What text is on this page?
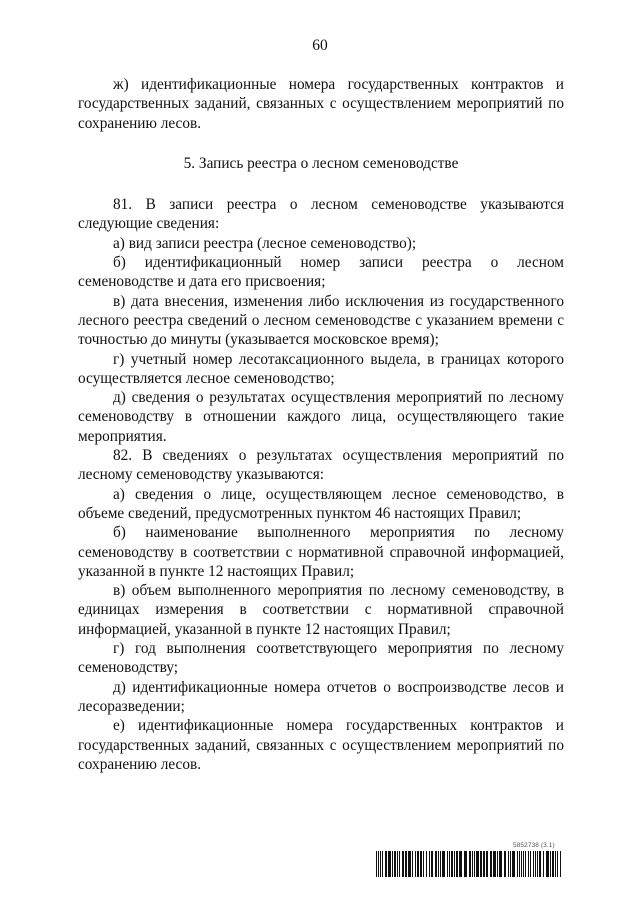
60

ж) идентификационные номера государственных контрактов и государственных заданий, связанных с осуществлением мероприятий по сохранению лесов.

5. Запись реестра о лесном семеноводстве

81. В записи реестра о лесном семеноводстве указываются следующие сведения:

а) вид записи реестра (лесное семеноводство);

б) идентификационный номер записи реестра о лесном семеноводстве и дата его присвоения;

в) дата внесения, изменения либо исключения из государственного лесного реестра сведений о лесном семеноводстве с указанием времени с точностью до минуты (указывается московское время);

г) учетный номер лесотаксационного выдела, в границах которого осуществляется лесное семеноводство;

д) сведения о результатах осуществления мероприятий по лесному семеноводству в отношении каждого лица, осуществляющего такие мероприятия.

82. В сведениях о результатах осуществления мероприятий по лесному семеноводству указываются:

а) сведения о лице, осуществляющем лесное семеноводство, в объеме сведений, предусмотренных пунктом 46 настоящих Правил;

б) наименование выполненного мероприятия по лесному семеноводству в соответствии с нормативной справочной информацией, указанной в пункте 12 настоящих Правил;

в) объем выполненного мероприятия по лесному семеноводству, в единицах измерения в соответствии с нормативной справочной информацией, указанной в пункте 12 настоящих Правил;

г) год выполнения соответствующего мероприятия по лесному семеноводству;

д) идентификационные номера отчетов о воспроизводстве лесов и лесоразведении;

е) идентификационные номера государственных контрактов и государственных заданий, связанных с осуществлением мероприятий по сохранению лесов.

5852738 (3.1)
